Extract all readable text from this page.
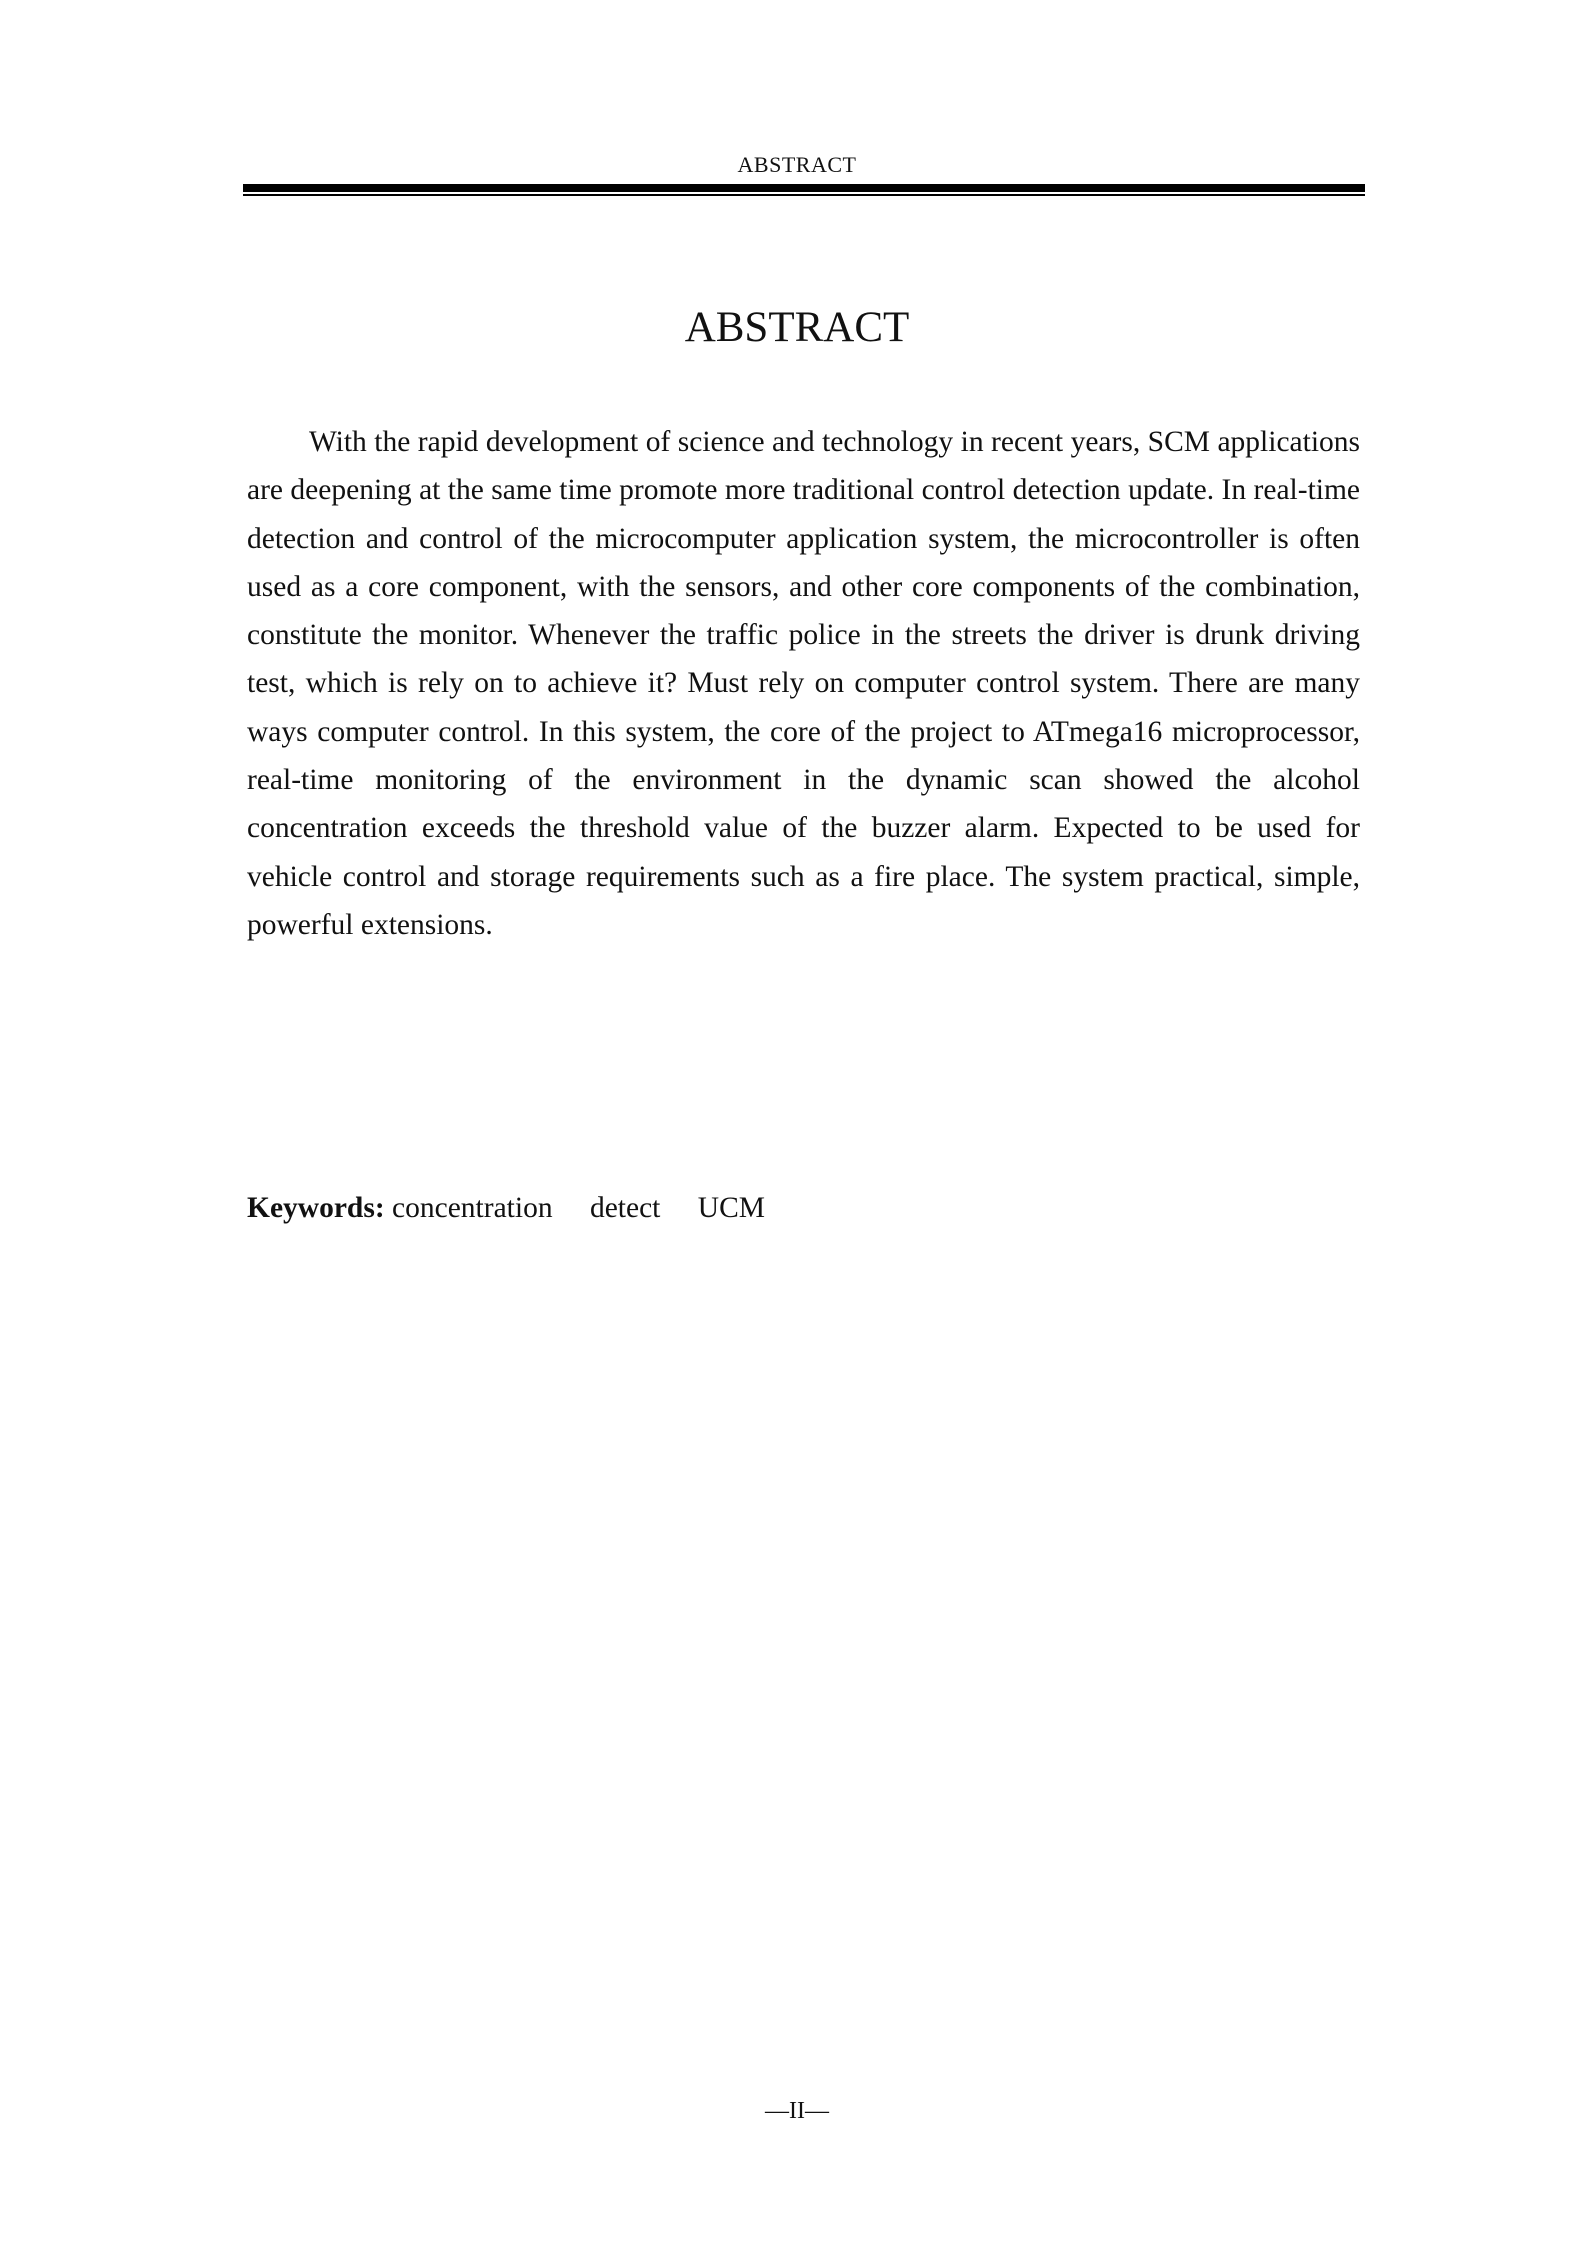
ABSTRACT
ABSTRACT

With the rapid development of science and technology in recent years, SCM applications are deepening at the same time promote more traditional control detection update. In real-time detection and control of the microcomputer application system, the microcontroller is often used as a core component, with the sensors, and other core components of the combination, constitute the monitor. Whenever the traffic police in the streets the driver is drunk driving test, which is rely on to achieve it? Must rely on computer control system. There are many ways computer control. In this system, the core of the project to ATmega16 microprocessor, real-time monitoring of the environment in the dynamic scan showed the alcohol concentration exceeds the threshold value of the buzzer alarm. Expected to be used for vehicle control and storage requirements such as a fire place. The system practical, simple, powerful extensions.

Keywords: concentration detect UCM
—II—
